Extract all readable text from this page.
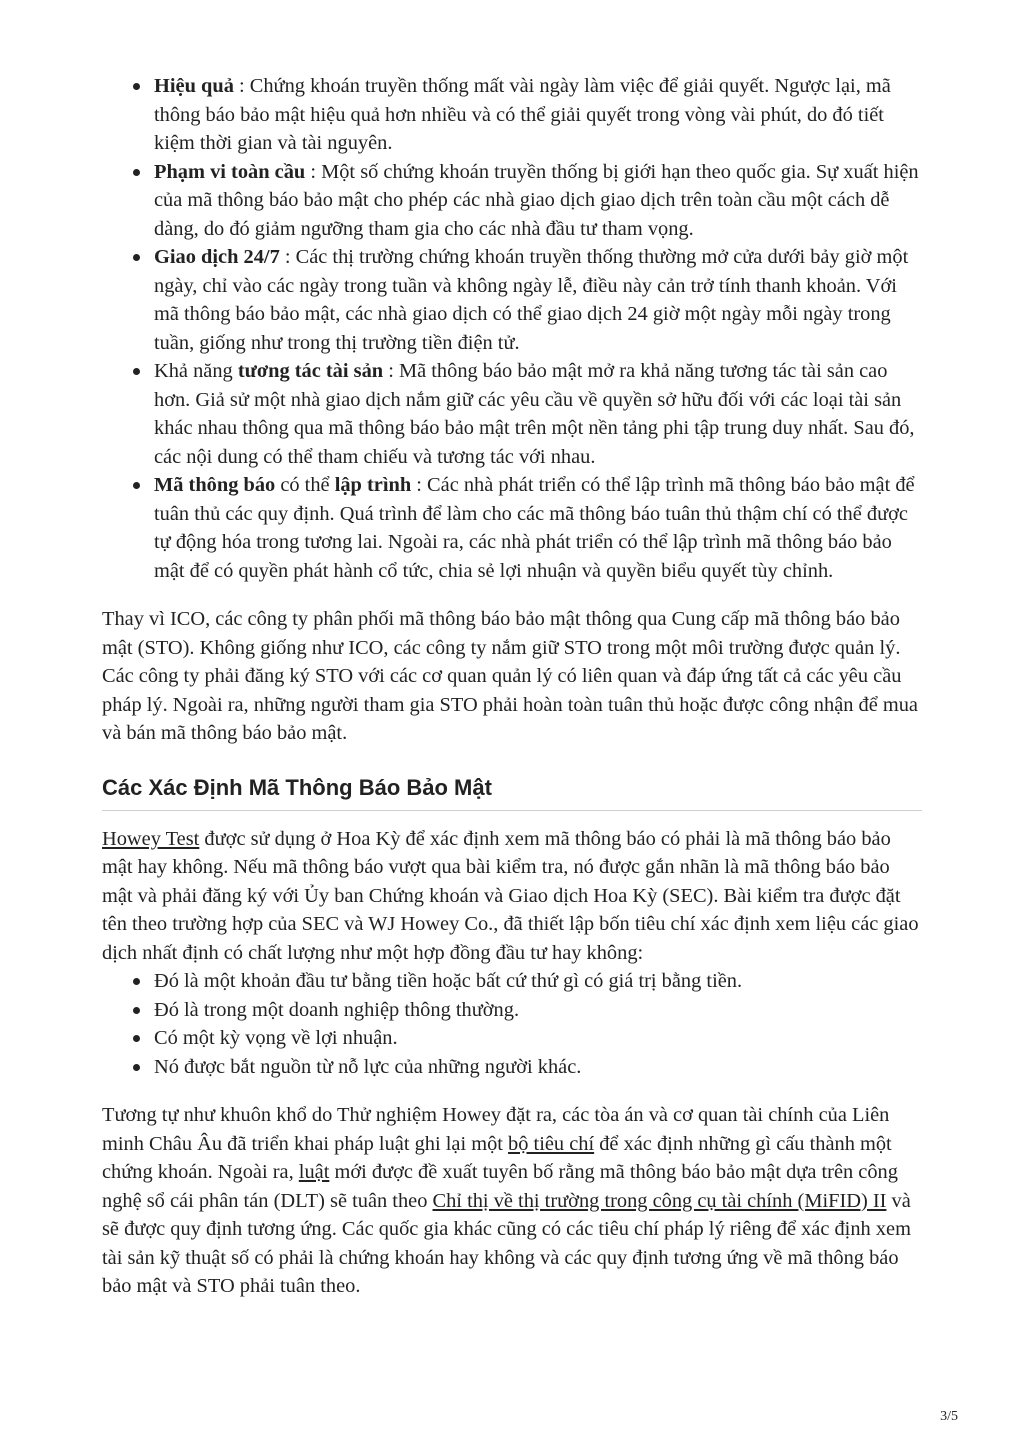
Hiệu quả : Chứng khoán truyền thống mất vài ngày làm việc để giải quyết. Ngược lại, mã thông báo bảo mật hiệu quả hơn nhiều và có thể giải quyết trong vòng vài phút, do đó tiết kiệm thời gian và tài nguyên.
Phạm vi toàn cầu : Một số chứng khoán truyền thống bị giới hạn theo quốc gia. Sự xuất hiện của mã thông báo bảo mật cho phép các nhà giao dịch giao dịch trên toàn cầu một cách dễ dàng, do đó giảm ngưỡng tham gia cho các nhà đầu tư tham vọng.
Giao dịch 24/7 : Các thị trường chứng khoán truyền thống thường mở cửa dưới bảy giờ một ngày, chỉ vào các ngày trong tuần và không ngày lễ, điều này cản trở tính thanh khoản. Với mã thông báo bảo mật, các nhà giao dịch có thể giao dịch 24 giờ một ngày mỗi ngày trong tuần, giống như trong thị trường tiền điện tử.
Khả năng tương tác tài sản : Mã thông báo bảo mật mở ra khả năng tương tác tài sản cao hơn. Giả sử một nhà giao dịch nắm giữ các yêu cầu về quyền sở hữu đối với các loại tài sản khác nhau thông qua mã thông báo bảo mật trên một nền tảng phi tập trung duy nhất. Sau đó, các nội dung có thể tham chiếu và tương tác với nhau.
Mã thông báo có thể lập trình : Các nhà phát triển có thể lập trình mã thông báo bảo mật để tuân thủ các quy định. Quá trình để làm cho các mã thông báo tuân thủ thậm chí có thể được tự động hóa trong tương lai. Ngoài ra, các nhà phát triển có thể lập trình mã thông báo bảo mật để có quyền phát hành cổ tức, chia sẻ lợi nhuận và quyền biểu quyết tùy chỉnh.

Thay vì ICO, các công ty phân phối mã thông báo bảo mật thông qua Cung cấp mã thông báo bảo mật (STO). Không giống như ICO, các công ty nắm giữ STO trong một môi trường được quản lý. Các công ty phải đăng ký STO với các cơ quan quản lý có liên quan và đáp ứng tất cả các yêu cầu pháp lý. Ngoài ra, những người tham gia STO phải hoàn toàn tuân thủ hoặc được công nhận để mua và bán mã thông báo bảo mật.

Các Xác Định Mã Thông Báo Bảo Mật

Howey Test được sử dụng ở Hoa Kỳ để xác định xem mã thông báo có phải là mã thông báo bảo mật hay không. Nếu mã thông báo vượt qua bài kiểm tra, nó được gắn nhãn là mã thông báo bảo mật và phải đăng ký với Ủy ban Chứng khoán và Giao dịch Hoa Kỳ (SEC). Bài kiểm tra được đặt tên theo trường hợp của SEC và WJ Howey Co., đã thiết lập bốn tiêu chí xác định xem liệu các giao dịch nhất định có chất lượng như một hợp đồng đầu tư hay không:

Đó là một khoản đầu tư bằng tiền hoặc bất cứ thứ gì có giá trị bằng tiền.
Đó là trong một doanh nghiệp thông thường.
Có một kỳ vọng về lợi nhuận.
Nó được bắt nguồn từ nỗ lực của những người khác.

Tương tự như khuôn khổ do Thử nghiệm Howey đặt ra, các tòa án và cơ quan tài chính của Liên minh Châu Âu đã triển khai pháp luật ghi lại một bộ tiêu chí để xác định những gì cấu thành một chứng khoán. Ngoài ra, luật mới được đề xuất tuyên bố rằng mã thông báo bảo mật dựa trên công nghệ sổ cái phân tán (DLT) sẽ tuân theo Chỉ thị về thị trường trong công cụ tài chính (MiFID) II và sẽ được quy định tương ứng. Các quốc gia khác cũng có các tiêu chí pháp lý riêng để xác định xem tài sản kỹ thuật số có phải là chứng khoán hay không và các quy định tương ứng về mã thông báo bảo mật và STO phải tuân theo.

3/5
